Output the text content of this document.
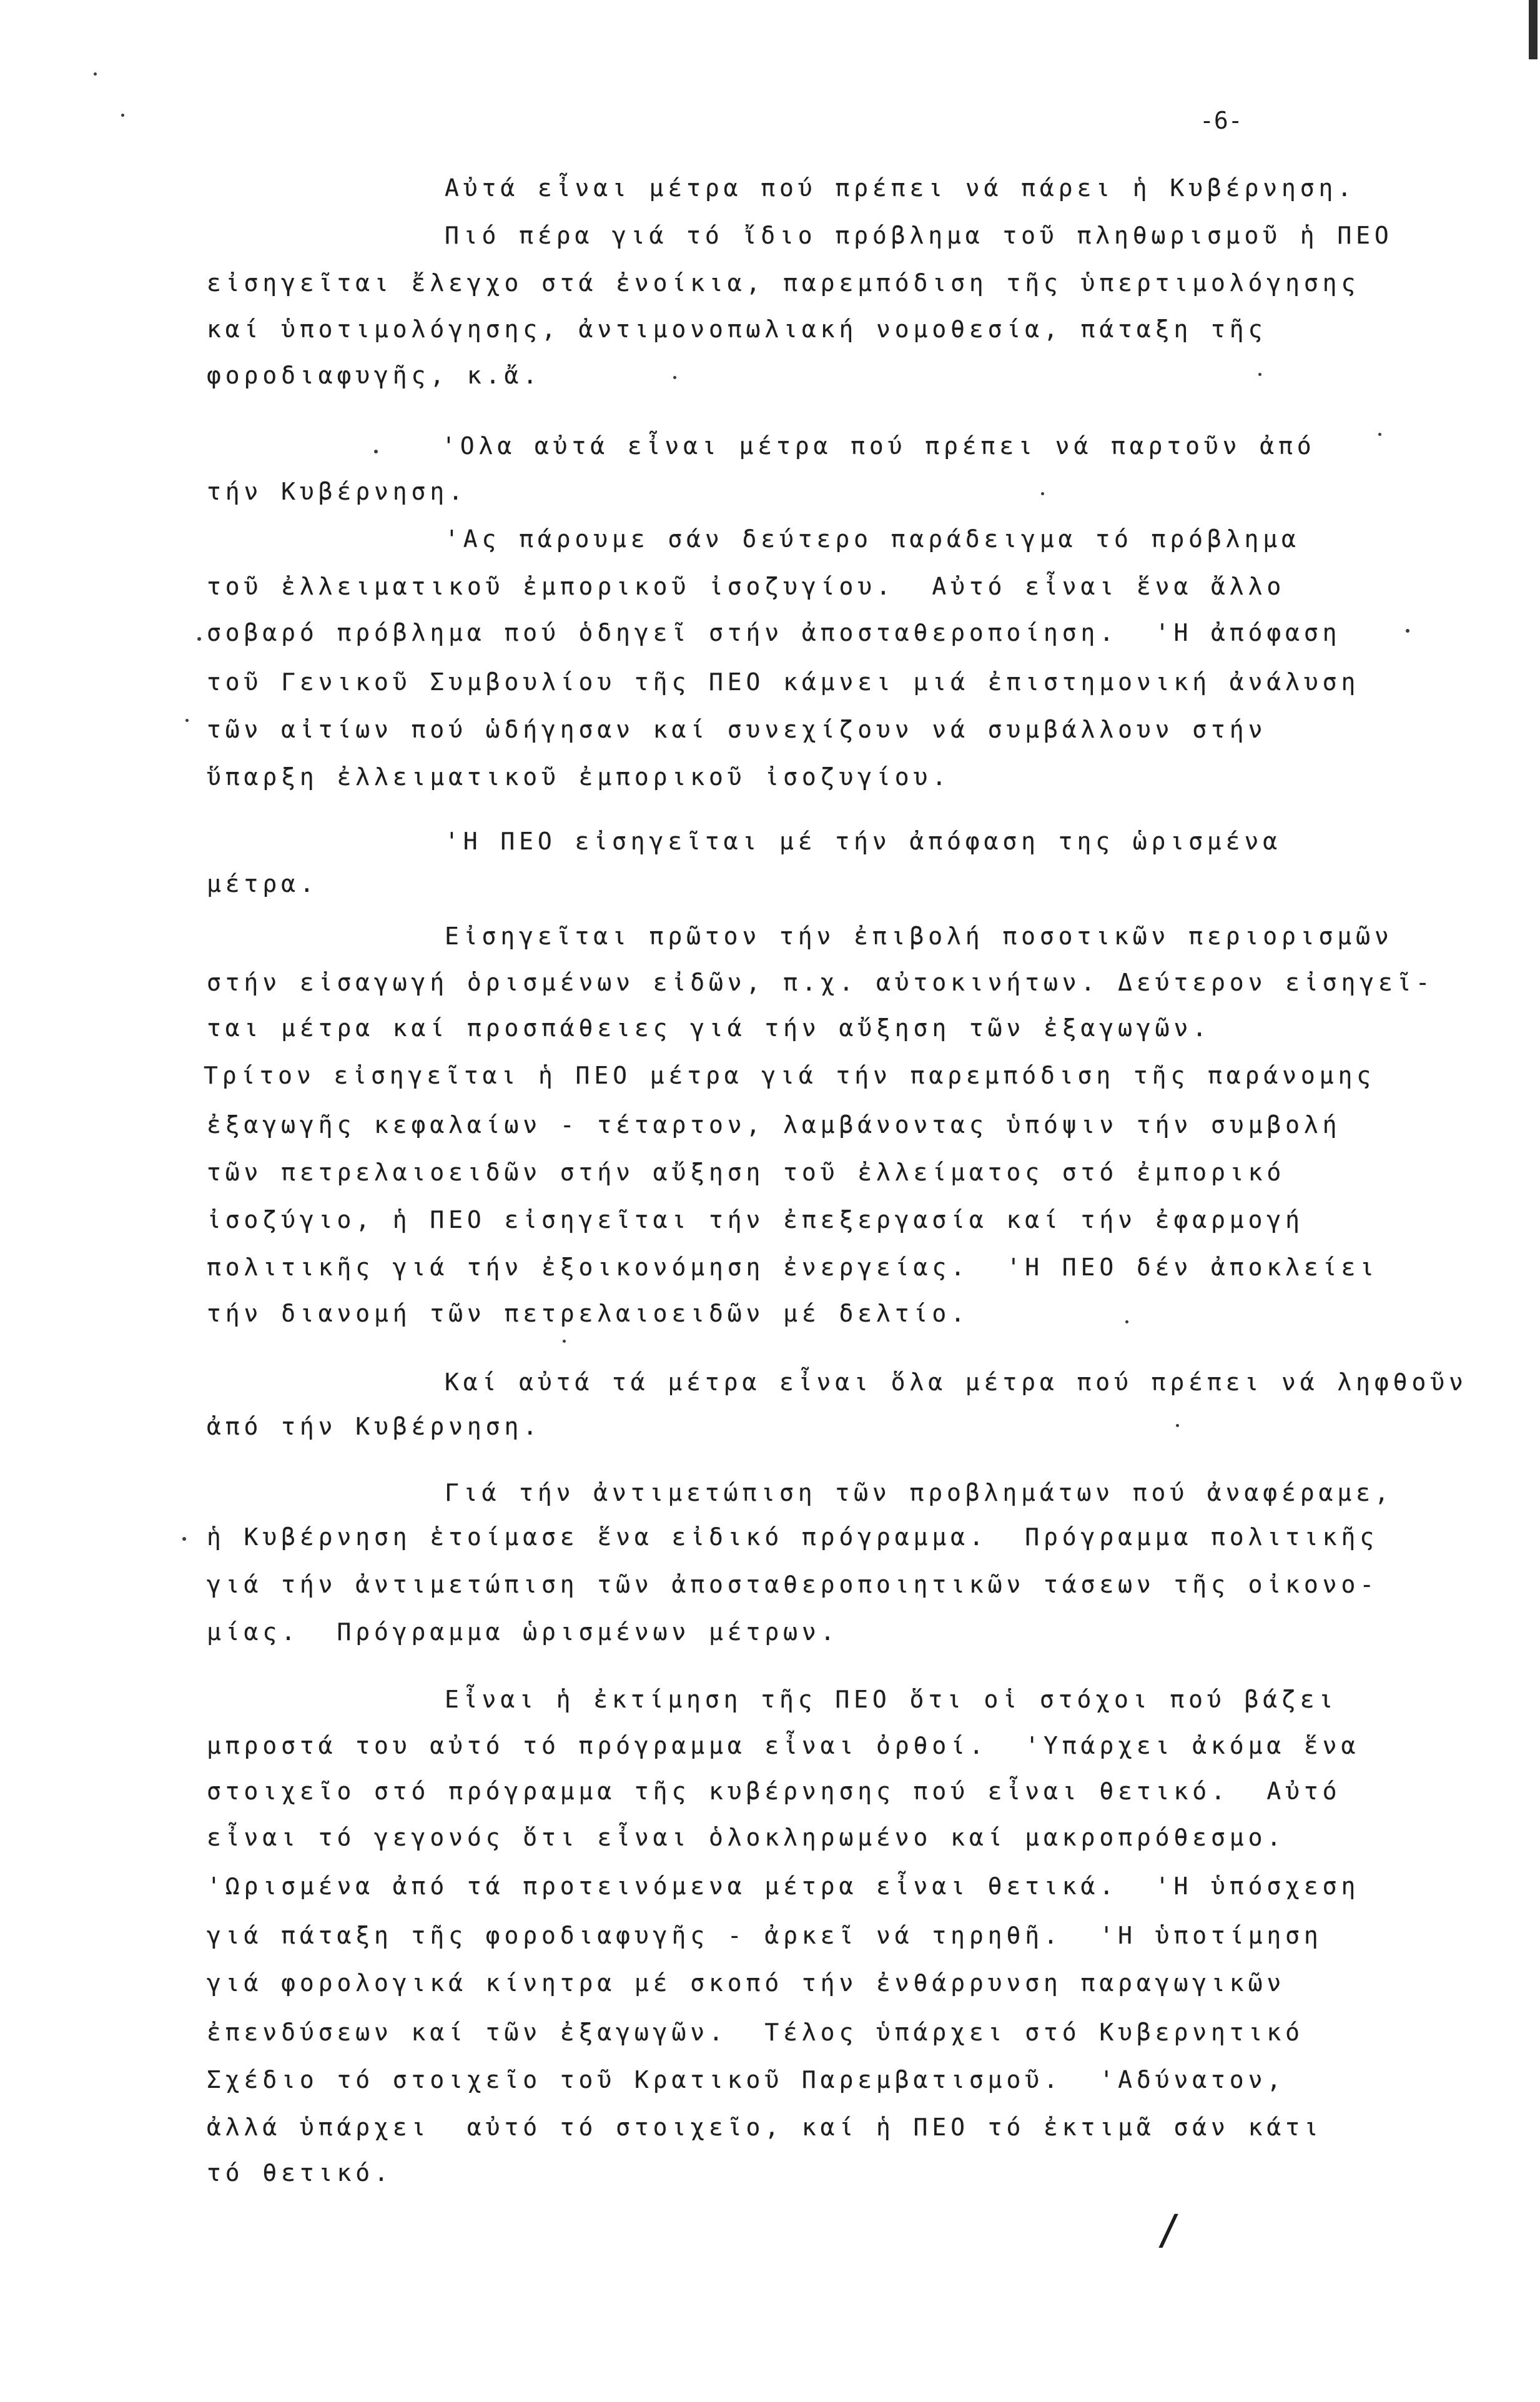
-6-
Αὐτά εἶναι μέτρα πού πρέπει νά πάρει ἡ Κυβέρνηση.
Πιό πέρα γιά τό ἴδιο πρόβλημα τοῦ πληθωρισμοῦ ἡ ΠΕΟ
εἰσηγεῖται ἔλεγχο στά ἐνοίκια, παρεμπόδιση τῆς ὑπερτιμολόγησης
καί ὑποτιμολόγησης, ἀντιμονοπωλιακή νομοθεσία, πάταξη τῆς
φοροδιαφυγῆς, κ.ἄ.
'Ολα αὐτά εἶναι μέτρα πού πρέπει νά παρτοῦν ἀπό
τήν Κυβέρνηση.
'Ας πάρουμε σάν δεύτερο παράδειγμα τό πρόβλημα
τοῦ ἐλλειματικοῦ ἐμπορικοῦ ἰσοζυγίου.  Αὐτό εἶναι ἕνα ἄλλο
σοβαρό πρόβλημα πού ὁδηγεῖ στήν ἀποσταθεροποίηση.  'Η ἀπόφαση
τοῦ Γενικοῦ Συμβουλίου τῆς ΠΕΟ κάμνει μιά ἐπιστημονική ἀνάλυση
τῶν αἰτίων πού ὡδήγησαν καί συνεχίζουν νά συμβάλλουν στήν
ὕπαρξη ἐλλειματικοῦ ἐμπορικοῦ ἰσοζυγίου.
'Η ΠΕΟ εἰσηγεῖται μέ τήν ἀπόφαση της ὡρισμένα
μέτρα.
Εἰσηγεῖται πρῶτον τήν ἐπιβολή ποσοτικῶν περιορισμῶν
στήν εἰσαγωγή ὁρισμένων εἰδῶν, π.χ. αὐτοκινήτων. Δεύτερον εἰσηγεῖ-
ται μέτρα καί προσπάθειες γιά τήν αὔξηση τῶν ἐξαγωγῶν.
Τρίτον εἰσηγεῖται ἡ ΠΕΟ μέτρα γιά τήν παρεμπόδιση τῆς παράνομης
ἐξαγωγῆς κεφαλαίων - τέταρτον, λαμβάνοντας ὑπόψιν τήν συμβολή
τῶν πετρελαιοειδῶν στήν αὔξηση τοῦ ἐλλείματος στό ἐμπορικό
ἰσοζύγιο, ἡ ΠΕΟ εἰσηγεῖται τήν ἐπεξεργασία καί τήν ἐφαρμογή
πολιτικῆς γιά τήν ἐξοικονόμηση ἐνεργείας.  'Η ΠΕΟ δέν ἀποκλείει
τήν διανομή τῶν πετρελαιοειδῶν μέ δελτίο.
Καί αὐτά τά μέτρα εἶναι ὅλα μέτρα πού πρέπει νά ληφθοῦν
ἀπό τήν Κυβέρνηση.
Γιά τήν ἀντιμετώπιση τῶν προβλημάτων πού ἀναφέραμε,
ἡ Κυβέρνηση ἑτοίμασε ἕνα εἰδικό πρόγραμμα.  Πρόγραμμα πολιτικῆς
γιά τήν ἀντιμετώπιση τῶν ἀποσταθεροποιητικῶν τάσεων τῆς οἰκονο-
μίας.  Πρόγραμμα ὡρισμένων μέτρων.
Εἶναι ἡ ἐκτίμηση τῆς ΠΕΟ ὅτι οἱ στόχοι πού βάζει
μπροστά του αὐτό τό πρόγραμμα εἶναι ὀρθοί.  'Υπάρχει ἀκόμα ἕνα
στοιχεῖο στό πρόγραμμα τῆς κυβέρνησης πού εἶναι θετικό.  Αὐτό
εἶναι τό γεγονός ὅτι εἶναι ὁλοκληρωμένο καί μακροπρόθεσμο.
'Ωρισμένα ἀπό τά προτεινόμενα μέτρα εἶναι θετικά.  'Η ὑπόσχεση
γιά πάταξη τῆς φοροδιαφυγῆς - ἀρκεῖ νά τηρηθῆ.  'Η ὑποτίμηση
γιά φορολογικά κίνητρα μέ σκοπό τήν ἐνθάρρυνση παραγωγικῶν
ἐπενδύσεων καί τῶν ἐξαγωγῶν.  Τέλος ὑπάρχει στό Κυβερνητικό
Σχέδιο τό στοιχεῖο τοῦ Κρατικοῦ Παρεμβατισμοῦ.  'Αδύνατον,
ἀλλά ὑπάρχει  αὐτό τό στοιχεῖο, καί ἡ ΠΕΟ τό ἐκτιμᾶ σάν κάτι
τό θετικό.
/
